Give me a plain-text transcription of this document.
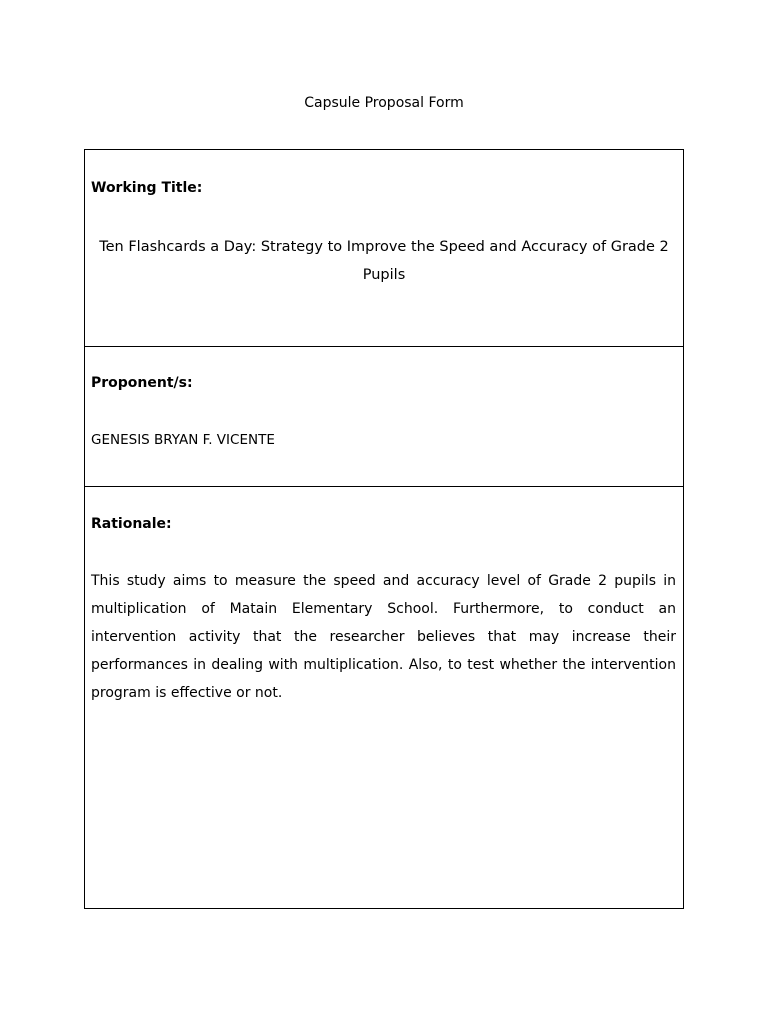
Capsule Proposal Form
Working Title:
Ten Flashcards a Day: Strategy to Improve the Speed and Accuracy of Grade 2 Pupils
Proponent/s:
GENESIS BRYAN F. VICENTE
Rationale:
This study aims to measure the speed and accuracy level of Grade 2 pupils in multiplication of Matain Elementary School. Furthermore, to conduct an intervention activity that the researcher believes that may increase their performances in dealing with multiplication. Also, to test whether the intervention program is effective or not.
